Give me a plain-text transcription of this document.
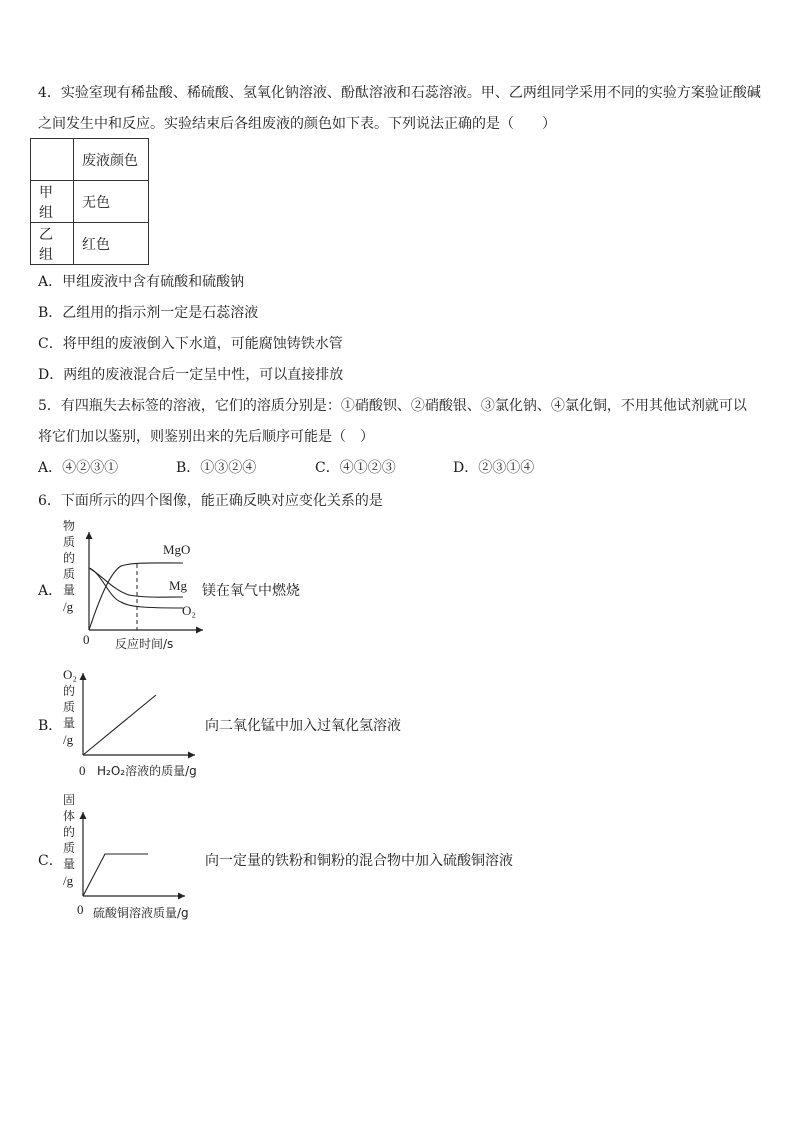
4．实验室现有稀盐酸、稀硫酸、氢氧化钠溶液、酚酞溶液和石蕊溶液。甲、乙两组同学采用不同的实验方案验证酸碱
之间发生中和反应。实验结束后各组废液的颜色如下表。下列说法正确的是（　　）
	废液颜色
甲组	无色
乙组	红色
A．甲组废液中含有硫酸和硫酸钠
B．乙组用的指示剂一定是石蕊溶液
C．将甲组的废液倒入下水道，可能腐蚀铸铁水管
D．两组的废液混合后一定呈中性，可以直接排放
5．有四瓶失去标签的溶液，它们的溶质分别是：①硝酸钡、②硝酸银、③氯化钠、④氯化铜，不用其他试剂就可以
将它们加以鉴别，则鉴别出来的先后顺序可能是（　）
A．④②③①	B．①③②④	C．④①②③	D．②③①④
6．下面所示的四个图像，能正确反映对应变化关系的是
A．
物
质
的
质
量
/g
0 反应时间/s
MgO
Mg
O₂
镁在氧气中燃烧
B．
O₂
的
质
量
/g
0 H₂O₂溶液的质量/g
向二氧化锰中加入过氧化氢溶液
C．
固
体
的
质
量
/g
0 硫酸铜溶液质量/g
向一定量的铁粉和铜粉的混合物中加入硫酸铜溶液
